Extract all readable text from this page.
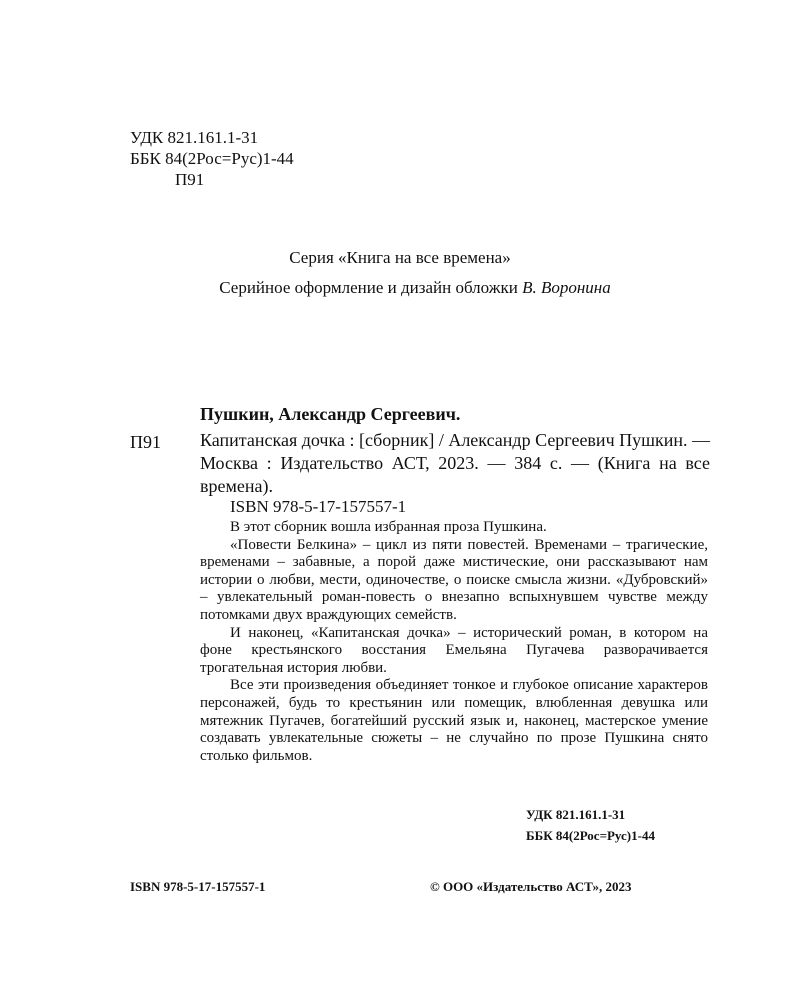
УДК 821.161.1-31
ББК 84(2Рос=Рус)1-44
П91
Серия «Книга на все времена»
Серийное оформление и дизайн обложки В. Воронина
Пушкин, Александр Сергеевич.
П91 Капитанская дочка : [сборник] / Александр Сергеевич Пушкин. — Москва : Издательство АСТ, 2023. — 384 с. — (Книга на все времена).
ISBN 978-5-17-157557-1

В этот сборник вошла избранная проза Пушкина.

«Повести Белкина» – цикл из пяти повестей. Временами – трагические, временами – забавные, а порой даже мистические, они рассказывают нам истории о любви, мести, одиночестве, о поиске смысла жизни. «Дубровский» – увлекательный роман-повесть о внезапно вспыхнувшем чувстве между потомками двух враждующих семейств.

И наконец, «Капитанская дочка» – исторический роман, в котором на фоне крестьянского восстания Емельяна Пугачева разворачивается трогательная история любви.

Все эти произведения объединяет тонкое и глубокое описание характеров персонажей, будь то крестьянин или помещик, влюбленная девушка или мятежник Пугачев, богатейший русский язык и, наконец, мастерское умение создавать увлекательные сюжеты – не случайно по прозе Пушкина снято столько фильмов.

УДК 821.161.1-31
ББК 84(2Рос=Рус)1-44
ISBN 978-5-17-157557-1	© ООО «Издательство АСТ», 2023
